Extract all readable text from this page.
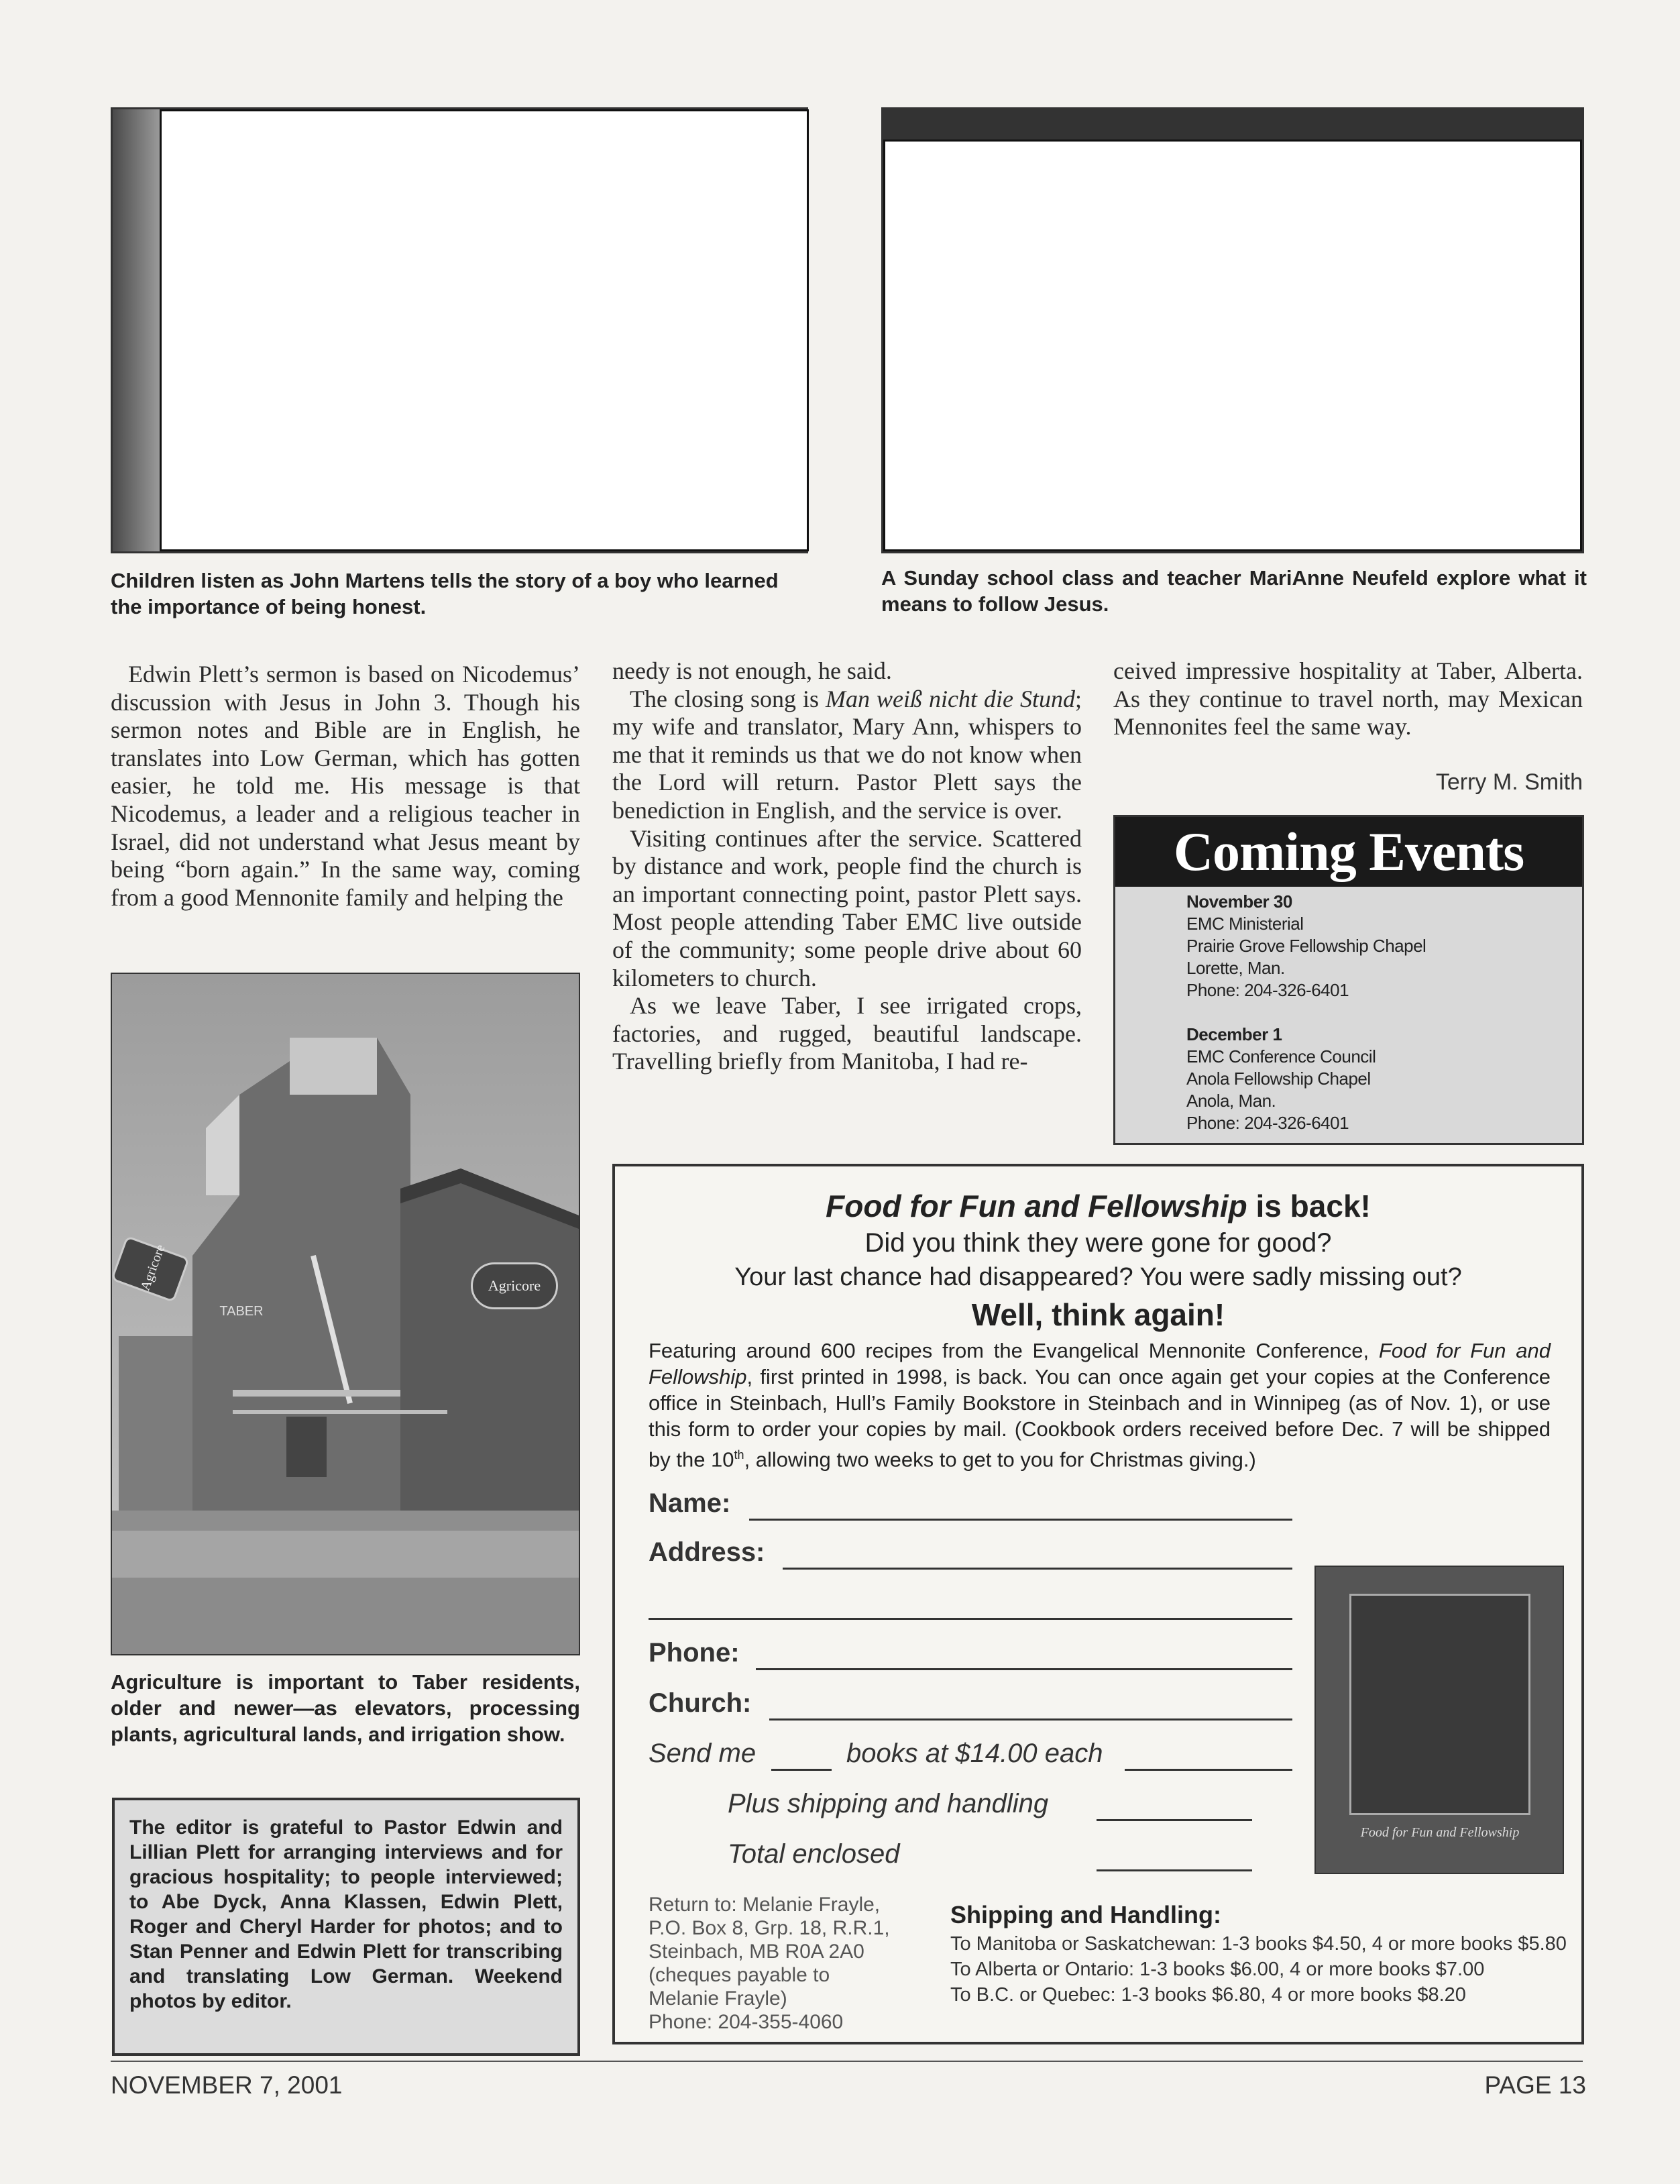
Children listen as John Martens tells the story of a boy who learned the importance of being honest.
A Sunday school class and teacher MariAnne Neufeld explore what it means to follow Jesus.

Edwin Plett’s sermon is based on Nicodemus’ discussion with Jesus in John 3. Though his sermon notes and Bible are in English, he translates into Low German, which has gotten easier, he told me. His message is that Nicodemus, a leader and a religious teacher in Israel, did not understand what Jesus meant by being “born again.” In the same way, coming from a good Mennonite family and helping the

needy is not enough, he said.

The closing song is Man weiß nicht die Stund; my wife and translator, Mary Ann, whispers to me that it reminds us that we do not know when the Lord will return. Pastor Plett says the benediction in English, and the service is over.

Visiting continues after the service. Scattered by distance and work, people find the church is an important connecting point, pastor Plett says. Most people attending Taber EMC live outside of the community; some people drive about 60 kilometers to church.

As we leave Taber, I see irrigated crops, factories, and rugged, beautiful landscape. Travelling briefly from Manitoba, I had re-

ceived impressive hospitality at Taber, Alberta. As they continue to travel north, may Mexican Mennonites feel the same way.

Terry M. Smith
Coming Events
November 30
EMC Ministerial
Prairie Grove Fellowship Chapel
Lorette, Man.
Phone: 204-326-6401
December 1
EMC Conference Council
Anola Fellowship Chapel
Anola, Man.
Phone: 204-326-6401
Agricore	Agricore
TABER
Agriculture is important to Taber residents, older and newer—as elevators, processing plants, agricultural lands, and irrigation show.
The editor is grateful to Pastor Edwin and Lillian Plett for arranging interviews and for gracious hospitality; to people interviewed; to Abe Dyck, Anna Klassen, Edwin Plett, Roger and Cheryl Harder for photos; and to Stan Penner and Edwin Plett for transcribing and translating Low German. Weekend photos by editor.
Food for Fun and Fellowship is back!
Did you think they were gone for good?
Your last chance had disappeared? You were sadly missing out?
Well, think again!
Featuring around 600 recipes from the Evangelical Mennonite Conference, Food for Fun and Fellowship, first printed in 1998, is back. You can once again get your copies at the Conference office in Steinbach, Hull’s Family Bookstore in Steinbach and in Winnipeg (as of Nov. 1), or use this form to order your copies by mail. (Cookbook orders received before Dec. 7 will be shipped by the 10th, allowing two weeks to get to you for Christmas giving.)
Name:
Address:
Phone:
Church:
Send me	books at $14.00 each
Plus shipping and handling
Total enclosed
Food for Fun and Fellowship
Return to: Melanie Frayle,
P.O. Box 8, Grp. 18, R.R.1,
Steinbach, MB R0A 2A0
(cheques payable to
Melanie Frayle)
Phone: 204-355-4060
Shipping and Handling:
To Manitoba or Saskatchewan: 1-3 books $4.50, 4 or more books $5.80
To Alberta or Ontario: 1-3 books $6.00, 4 or more books $7.00
To B.C. or Quebec: 1-3 books $6.80, 4 or more books $8.20
NOVEMBER 7, 2001	PAGE 13
